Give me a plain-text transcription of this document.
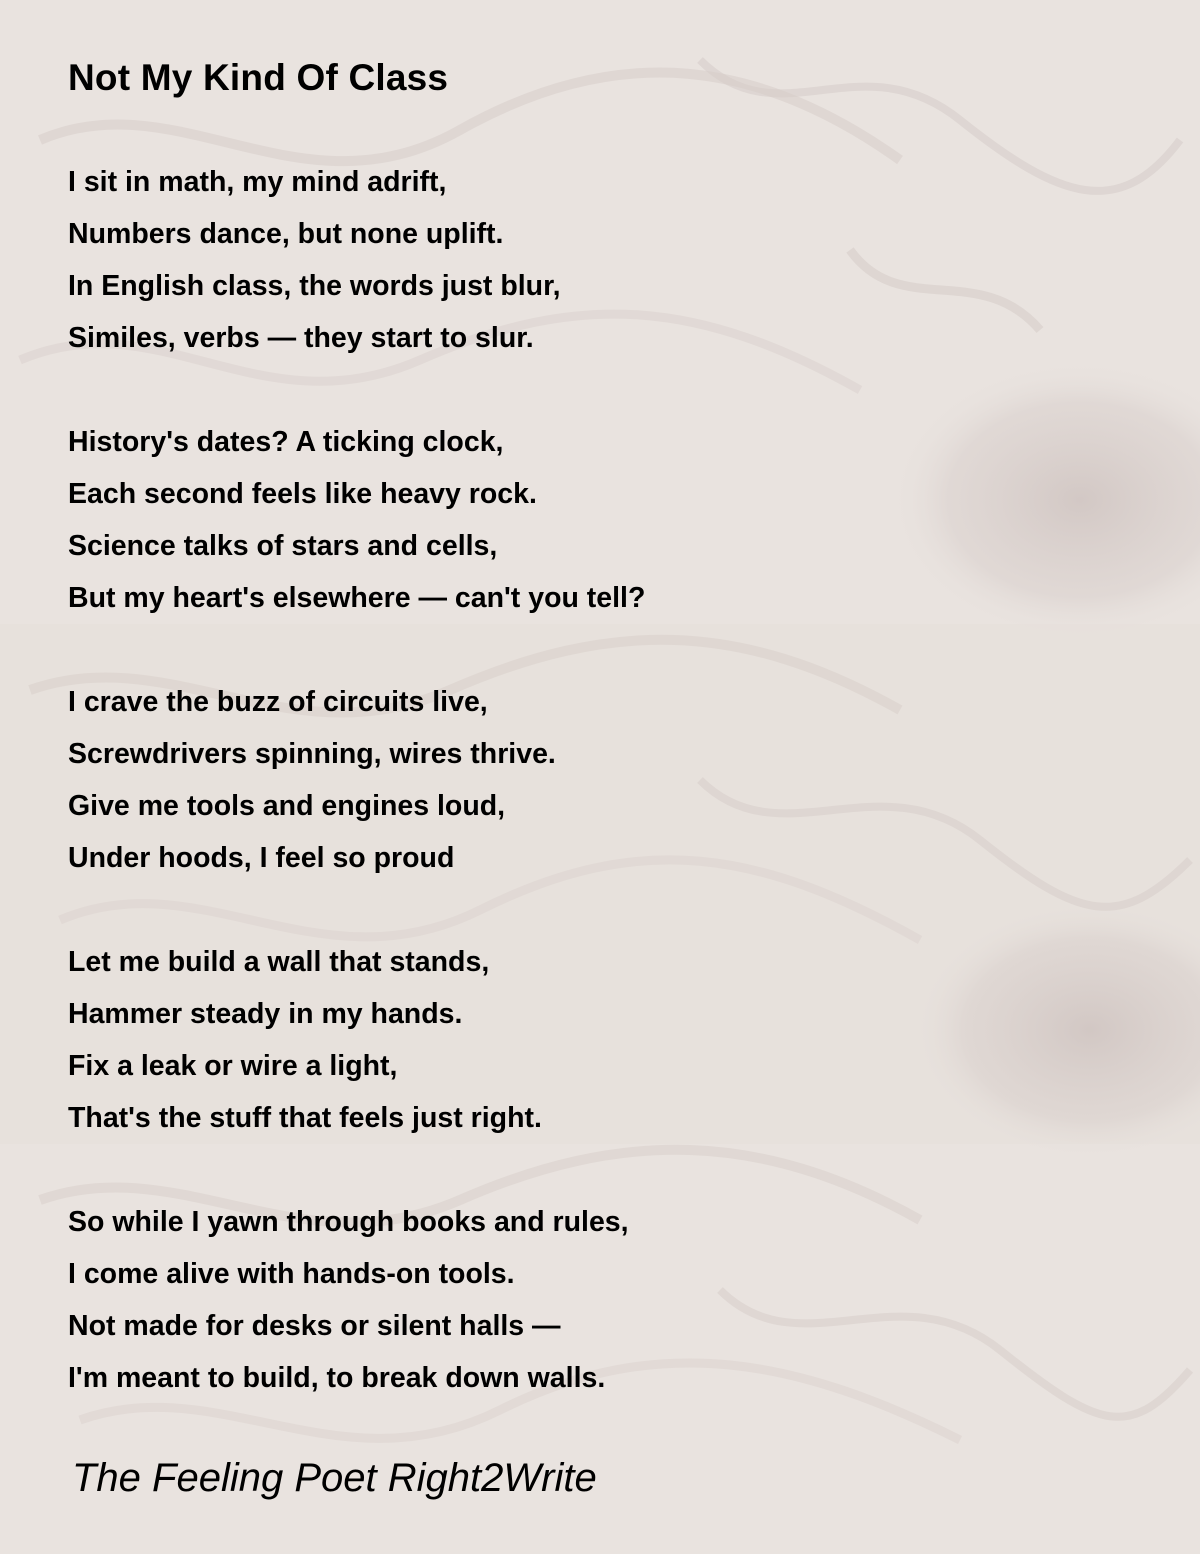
Not My Kind Of Class
I sit in math, my mind adrift,
Numbers dance, but none uplift.
In English class, the words just blur,
Similes, verbs — they start to slur.
History's dates? A ticking clock,
Each second feels like heavy rock.
Science talks of stars and cells,
But my heart's elsewhere — can't you tell?
I crave the buzz of circuits live,
Screwdrivers spinning, wires thrive.
Give me tools and engines loud,
Under hoods, I feel so proud
Let me build a wall that stands,
Hammer steady in my hands.
Fix a leak or wire a light,
That's the stuff that feels just right.
So while I yawn through books and rules,
I come alive with hands-on tools.
Not made for desks or silent halls —
I'm meant to build, to break down walls.
The Feeling Poet Right2Write
